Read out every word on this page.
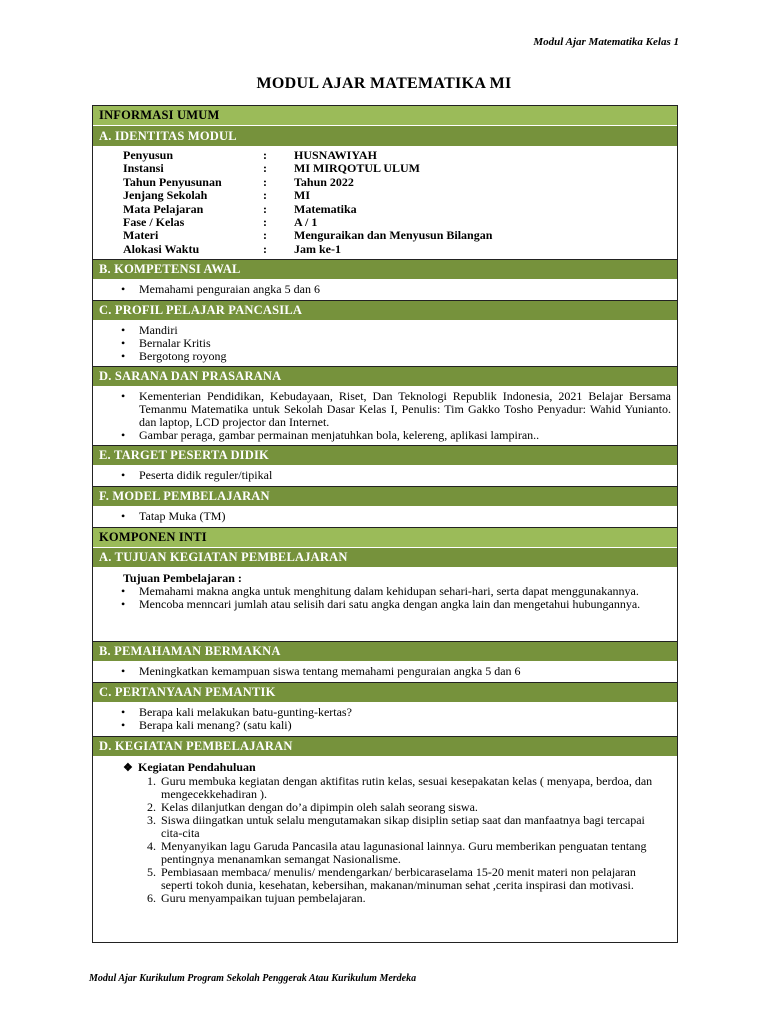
Modul Ajar Matematika Kelas 1
MODUL AJAR MATEMATIKA MI
INFORMASI UMUM
A. IDENTITAS MODUL
Penyusun	:	HUSNAWIYAH
Instansi	:	MI MIRQOTUL ULUM
Tahun Penyusunan	:	Tahun 2022
Jenjang Sekolah	:	MI
Mata Pelajaran	:	Matematika
Fase / Kelas	:	A / 1
Materi	:	Menguraikan dan Menyusun Bilangan
Alokasi Waktu	:	Jam ke-1
B. KOMPETENSI AWAL
• Memahami penguraian angka 5 dan 6
C. PROFIL PELAJAR PANCASILA
• Mandiri
• Bernalar Kritis
• Bergotong royong
D. SARANA DAN PRASARANA
• Kementerian Pendidikan, Kebudayaan, Riset, Dan Teknologi Republik Indonesia, 2021 Belajar Bersama Temanmu Matematika untuk Sekolah Dasar Kelas I, Penulis: Tim Gakko Tosho Penyadur: Wahid Yunianto. dan laptop, LCD projector dan Internet.
• Gambar peraga, gambar permainan menjatuhkan bola, kelereng, aplikasi lampiran..
E. TARGET PESERTA DIDIK
• Peserta didik reguler/tipikal
F. MODEL PEMBELAJARAN
• Tatap Muka (TM)
KOMPONEN INTI
A. TUJUAN KEGIATAN PEMBELAJARAN
Tujuan Pembelajaran :
• Memahami makna angka untuk menghitung dalam kehidupan sehari-hari, serta dapat menggunakannya.
• Mencoba menncari jumlah atau selisih dari satu angka dengan angka lain dan mengetahui hubungannya.
B. PEMAHAMAN BERMAKNA
• Meningkatkan kemampuan siswa tentang memahami penguraian angka 5 dan 6
C. PERTANYAAN PEMANTIK
• Berapa kali melakukan batu-gunting-kertas?
• Berapa kali menang? (satu kali)
D. KEGIATAN PEMBELAJARAN
❖ Kegiatan Pendahuluan
1. Guru membuka kegiatan dengan aktifitas rutin kelas, sesuai kesepakatan kelas ( menyapa, berdoa, dan mengecekkehadiran ).
2. Kelas dilanjutkan dengan do’a dipimpin oleh salah seorang siswa.
3. Siswa diingatkan untuk selalu mengutamakan sikap disiplin setiap saat dan manfaatnya bagi tercapai cita-cita
4. Menyanyikan lagu Garuda Pancasila atau lagunasional lainnya. Guru memberikan penguatan tentang pentingnya menanamkan semangat Nasionalisme.
5. Pembiasaan membaca/ menulis/ mendengarkan/ berbicaraselama 15-20 menit materi non pelajaran seperti tokoh dunia, kesehatan, kebersihan, makanan/minuman sehat ,cerita inspirasi dan motivasi.
6. Guru menyampaikan tujuan pembelajaran.
Modul Ajar Kurikulum Program Sekolah Penggerak Atau Kurikulum Merdeka
